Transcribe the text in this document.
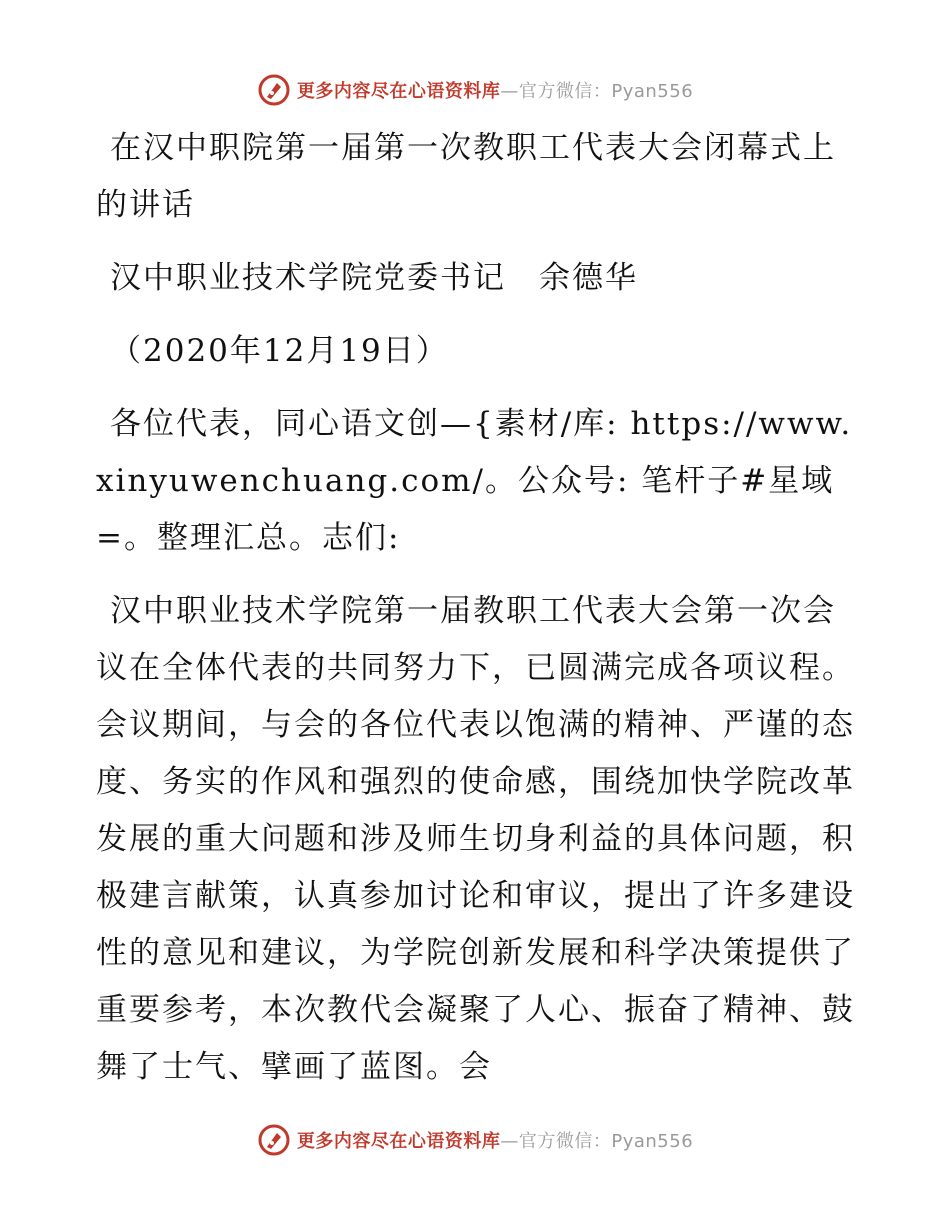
更多内容尽在心语资料库—官方微信：Pyan556

在汉中职院第一届第一次教职工代表大会闭幕式上的讲话

汉中职业技术学院党委书记　余德华

（2020年12月19日）

各位代表，同心语文创—{素材/库: https://www.xinyuwenchuang.com/。公众号: 笔杆子#星域=。整理汇总。志们:

汉中职业技术学院第一届教职工代表大会第一次会议在全体代表的共同努力下，已圆满完成各项议程。会议期间，与会的各位代表以饱满的精神、严谨的态度、务实的作风和强烈的使命感，围绕加快学院改革发展的重大问题和涉及师生切身利益的具体问题，积极建言献策，认真参加讨论和审议，提出了许多建设性的意见和建议，为学院创新发展和科学决策提供了重要参考，本次教代会凝聚了人心、振奋了精神、鼓舞了士气、擘画了蓝图。会

更多内容尽在心语资料库—官方微信：Pyan556
